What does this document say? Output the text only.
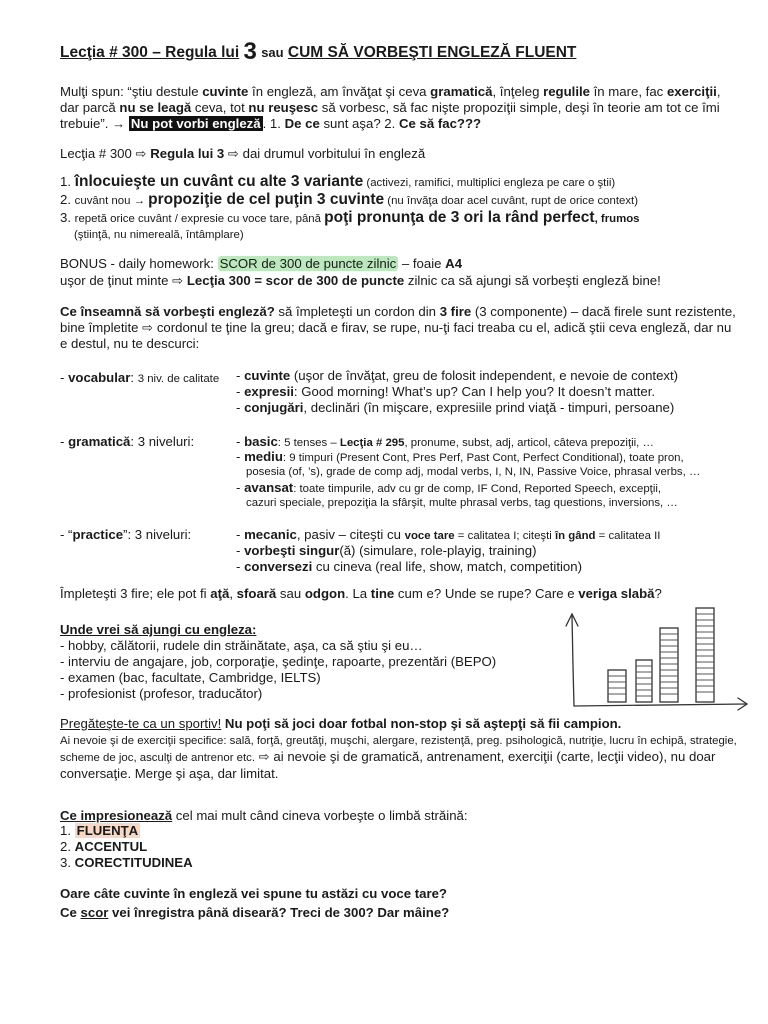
Lecţia # 300 – Regula lui 3 sau CUM SĂ VORBEŞTI ENGLEZĂ FLUENT
Mulţi spun: “ştiu destule cuvinte în engleză, am învăţat şi ceva gramatică, înţeleg regulile în mare, fac exerciţii, dar parcă nu se leagă ceva, tot nu reuşesc să vorbesc, să fac nişte propoziţii simple, deşi în teorie am tot ce îmi trebuie”. → Nu pot vorbi engleză . 1. De ce sunt aşa? 2. Ce să fac???
Lecţia # 300 ⇨ Regula lui 3 ⇨ dai drumul vorbitului în engleză
1. înlocuieşte un cuvânt cu alte 3 variante (activezi, ramifici, multiplici engleza pe care o ştii)
2. cuvânt nou → propoziţie de cel puţin 3 cuvinte (nu învăţa doar acel cuvânt, rupt de orice context)
3. repetă orice cuvânt / expresie cu voce tare, până poţi pronunţa de 3 ori la rând perfect, frumos
(ştiinţă, nu nimereală, întâmplare)
BONUS - daily homework: SCOR de 300 de puncte zilnic – foaie A4
uşor de ţinut minte ⇨ Lecţia 300 = scor de 300 de puncte zilnic ca să ajungi să vorbeşti engleză bine!
Ce înseamnă să vorbeşti engleză? să împleteşti un cordon din 3 fire (3 componente) – dacă firele sunt rezistente, bine împletite ⇨ cordonul te ţine la greu; dacă e firav, se rupe, nu-ţi faci treaba cu el, adică ştii ceva engleză, dar nu e destul, nu te descurci:
- vocabular: 3 niv. de calitate - cuvinte (uşor de învăţat, greu de folosit independent, e nevoie de context)
- expresii: Good morning! What’s up? Can I help you? It doesn’t matter.
- conjugări, declinări (în mişcare, expresiile prind viaţă - timpuri, persoane)
- gramatică: 3 niveluri:	- basic: 5 tenses – Lecţia # 295, pronume, subst, adj, articol, câteva prepoziţii, …
- mediu: 9 timpuri (Present Cont, Pres Perf, Past Cont, Perfect Conditional), toate pron,
posesia (of, ’s), grade de comp adj, modal verbs, I, N, IN, Passive Voice, phrasal verbs, …
- avansat: toate timpurile, adv cu gr de comp, IF Cond, Reported Speech, excepţii,
cazuri speciale, prepoziţia la sfârşit, multe phrasal verbs, tag questions, inversions, …
- “practice”: 3 niveluri:	- mecanic, pasiv – citeşti cu voce tare = calitatea I; citeşti în gând = calitatea II
- vorbeşti singur(ă) (simulare, role-playig, training)
- conversezi cu cineva (real life, show, match, competition)
Împleteşti 3 fire; ele pot fi aţă, sfoară sau odgon. La tine cum e? Unde se rupe? Care e veriga slabă?
Unde vrei să ajungi cu engleza:
- hobby, călătorii, rudele din străinătate, aşa, ca să ştiu şi eu…
- interviu de angajare, job, corporaţie, şedinţe, rapoarte, prezentări (BEPO)
- examen (bac, facultate, Cambridge, IELTS)
- profesionist (profesor, traducător)
Pregăteşte-te ca un sportiv! Nu poţi să joci doar fotbal non-stop şi să aştepţi să fii campion.
Ai nevoie şi de exerciţii specifice: sală, forţă, greutăţi, muşchi, alergare, rezistenţă, preg. psihologică, nutriţie, lucru în echipă, strategie, scheme de joc, asculţi de antrenor etc. ⇨ ai nevoie şi de gramatică, antrenament, exerciţii (carte, lecţii video), nu doar conversaţie. Merge şi aşa, dar limitat.
Ce impresionează cel mai mult când cineva vorbeşte o limbă străină:
1. FLUENŢA
2. ACCENTUL
3. CORECTITUDINEA
Oare câte cuvinte în engleză vei spune tu astăzi cu voce tare?
Ce scor vei înregistra până diseară? Treci de 300? Dar mâine?
